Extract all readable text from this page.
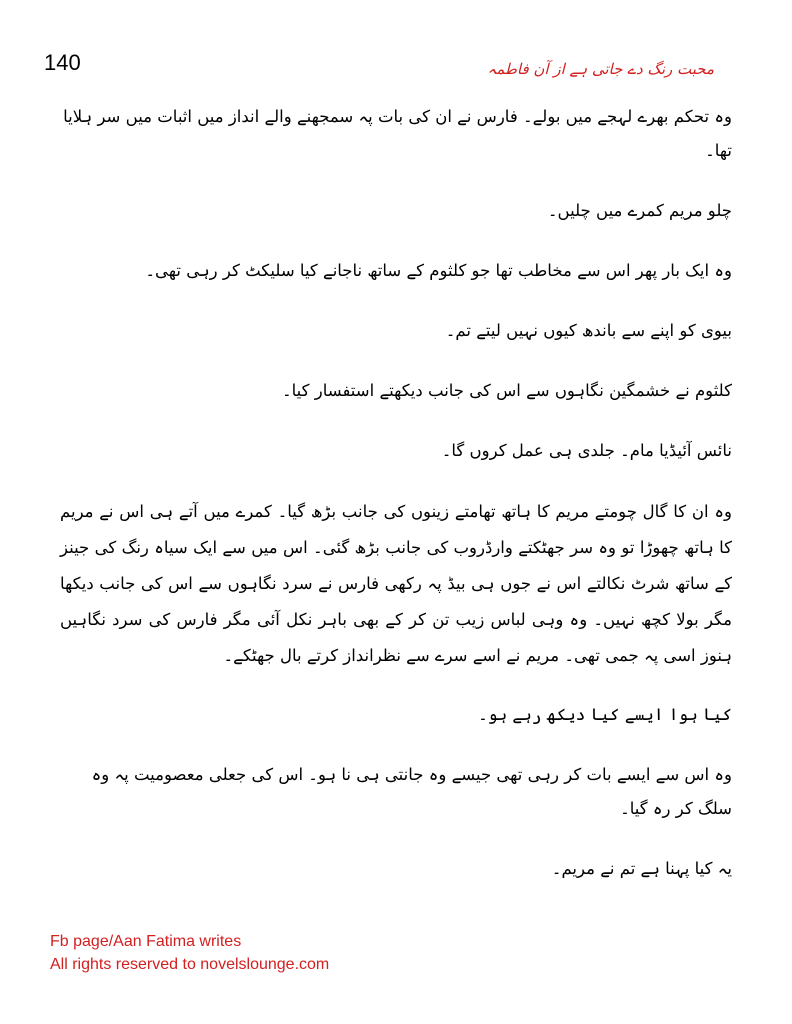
140	محبت رنگ دے جاتی ہے از آن فاطمہ

وہ تحکم بھرے لہجے میں بولے۔ فارس نے ان کی بات پہ سمجھنے والے انداز میں اثبات میں سر ہلایا تھا۔

چلو مریم کمرے میں چلیں۔

وہ ایک بار پھر اس سے مخاطب تھا جو کلثوم کے ساتھ ناجانے کیا سلیکٹ کر رہی تھی۔

بیوی کو اپنے سے باندھ کیوں نہیں لیتے تم۔

کلثوم نے خشمگین نگاہوں سے اس کی جانب دیکھتے استفسار کیا۔

نائس آئیڈیا مام۔ جلدی ہی عمل کروں گا۔

وہ ان کا گال چومتے مریم کا ہاتھ تھامتے زینوں کی جانب بڑھ گیا۔ کمرے میں آتے ہی اس نے مریم کا ہاتھ چھوڑا تو وہ سر جھٹکتے وارڈروب کی جانب بڑھ گئی۔ اس میں سے ایک سیاہ رنگ کی جینز کے ساتھ شرٹ نکالتے اس نے جوں ہی بیڈ پہ رکھی فارس نے سرد نگاہوں سے اس کی جانب دیکھا مگر بولا کچھ نہیں۔ وہ وہی لباس زیب تن کر کے بھی باہر نکل آئی مگر فارس کی سرد نگاہیں ہنوز اسی پہ جمی تھی۔ مریم نے اسے سرے سے نظرانداز کرتے بال جھٹکے۔

کیا ہوا ایسے کیا دیکھ رہے ہو۔

وہ اس سے ایسے بات کر رہی تھی جیسے وہ جانتی ہی نا ہو۔ اس کی جعلی معصومیت پہ وہ سلگ کر رہ گیا۔

یہ کیا پہنا ہے تم نے مریم۔

Fb page/Aan Fatima writes
All rights reserved to novelslounge.com
